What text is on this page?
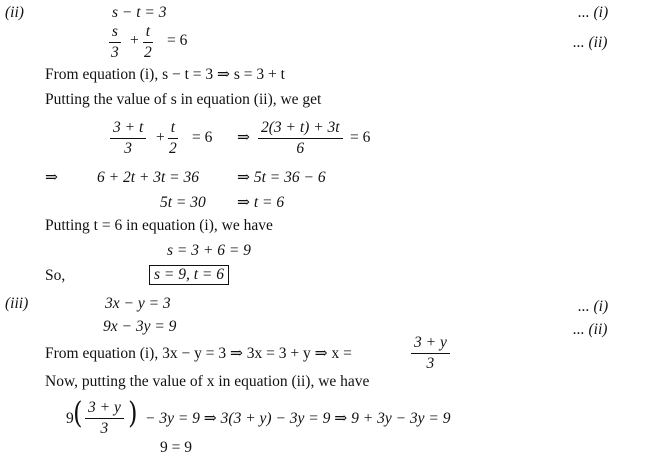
(ii)	s − t = 3	... (i)
$\frac{s}{3} + \frac{t}{2} = 6$	... (ii)
From equation (i), s − t = 3 ⇒ s = 3 + t
Putting the value of s in equation (ii), we get
$\frac{3 + t}{3} + \frac{t}{2} = 6$ ⇒ $\frac{2(3 + t) + 3t}{6} = 6$
⇒	6 + 2t + 3t = 36 ⇒ 5t = 36 − 6
5t = 30 ⇒ t = 6
Putting t = 6 in equation (i), we have
s = 3 + 6 = 9
So,	s = 9, t = 6
(iii)	3x − y = 3	... (i)
9x − 3y = 9	... (ii)
From equation (i), 3x − y = 3 ⇒ 3x = 3 + y ⇒ x =	$\frac{3 + y}{3}$
Now, putting the value of x in equation (ii), we have
9 ( $\frac{3 + y}{3}$ ) − 3y = 9 ⇒ 3(3 + y) − 3y = 9 ⇒ 9 + 3y − 3y = 9
9 = 9
